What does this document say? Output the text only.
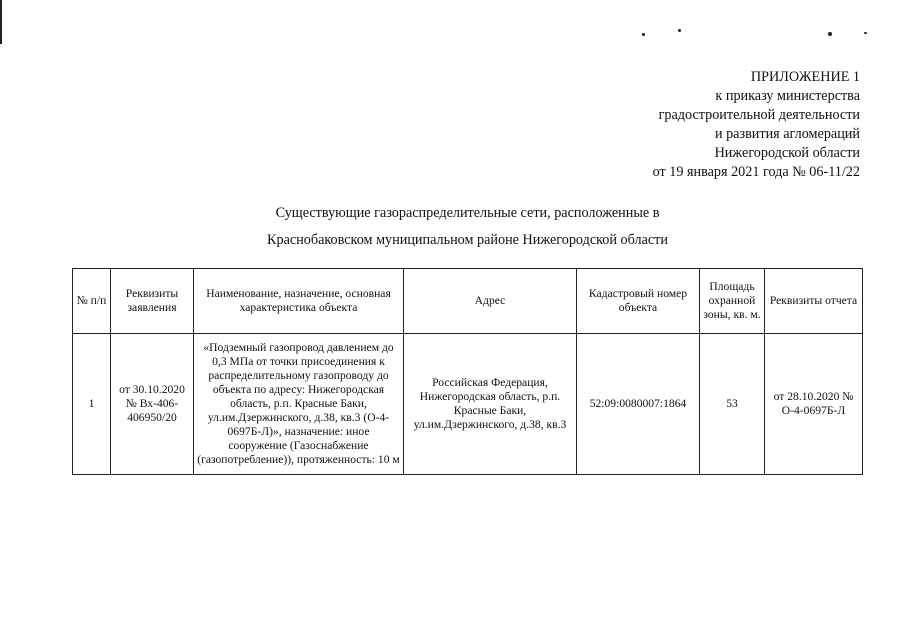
ПРИЛОЖЕНИЕ 1
к приказу министерства
градостроительной деятельности
и развития агломераций
Нижегородской области
от 19 января 2021 года № 06-11/22
Существующие газораспределительные сети, расположенные в
Краснобаковском муниципальном районе Нижегородской области
№ п/п	Реквизиты заявления	Наименование, назначение, основная характеристика объекта	Адрес	Кадастровый номер объекта	Площадь охранной зоны, кв. м.	Реквизиты отчета
1	от 30.10.2020 № Вх-406-406950/20	«Подземный газопровод давлением до 0,3 МПа от точки присоединения к распределительному газопроводу до объекта по адресу: Нижегородская область, р.п. Красные Баки, ул.им.Дзержинского, д.38, кв.3 (О-4-0697Б-Л)», назначение: иное сооружение (Газоснабжение (газопотребление)), протяженность: 10 м	Российская Федерация, Нижегородская область, р.п. Красные Баки, ул.им.Дзержинского, д.38, кв.3	52:09:0080007:1864	53	от 28.10.2020 № О-4-0697Б-Л
